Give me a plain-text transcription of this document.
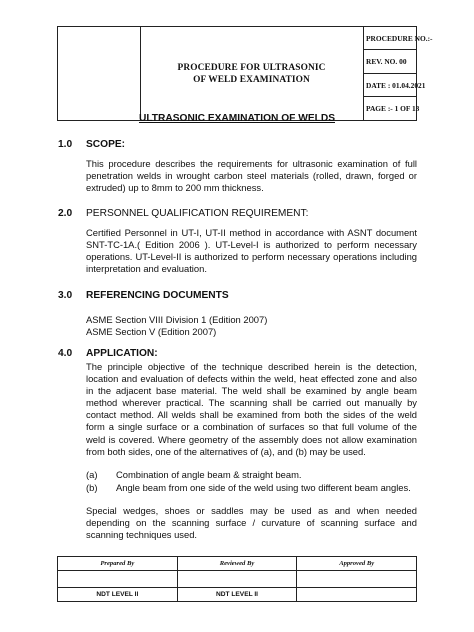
PROCEDURE FOR ULTRASONIC OF WELD EXAMINATION
PROCEDURE NO.:-
REV. NO. 00
DATE : 01.04.2021
PAGE :- 1 OF 13
ULTRASONIC EXAMINATION OF WELDS
1.0 SCOPE:
This procedure describes the requirements for ultrasonic examination of full penetration welds in wrought carbon steel materials (rolled, drawn, forged or extruded) up to 8mm to 200 mm thickness.
2.0 PERSONNEL QUALIFICATION REQUIREMENT:
Certified Personnel in UT-I, UT-II method in accordance with ASNT document SNT-TC-1A.( Edition 2006 ). UT-Level-I is authorized to perform necessary operations. UT-Level-II is authorized to perform necessary operations including interpretation and evaluation.
3.0 REFERENCING DOCUMENTS
ASME Section VIII Division 1 (Edition 2007)
ASME Section V (Edition 2007)
4.0 APPLICATION:
The principle objective of the technique described herein is the detection, location and evaluation of defects within the weld, heat effected zone and also in the adjacent base material. The weld shall be examined by angle beam method wherever practical. The scanning shall be carried out manually by contact method. All welds shall be examined from both the sides of the weld form a single surface or a combination of surfaces so that full volume of the weld is covered. Where geometry of the assembly does not allow examination from both sides, one of the alternatives of (a), and (b) may be used.
(a) Combination of angle beam & straight beam.
(b) Angle beam from one side of the weld using two different beam angles.
Special wedges, shoes or saddles may be used as and when needed depending on the scanning surface / curvature of scanning surface and scanning techniques used.
Prepared By	Reviewed By	Approved By
NDT LEVEL II	NDT LEVEL II
